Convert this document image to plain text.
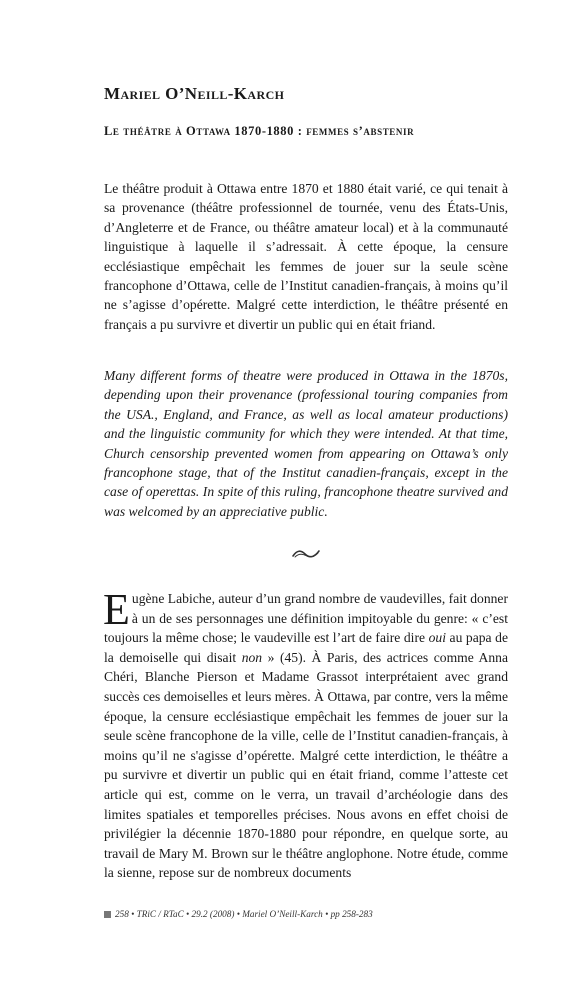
Mariel O’Neill-Karch
Le théâtre à Ottawa 1870-1880 : femmes s’abstenir

Le théâtre produit à Ottawa entre 1870 et 1880 était varié, ce qui tenait à sa provenance (théâtre professionnel de tournée, venu des États-Unis, d’Angleterre et de France, ou théâtre amateur local) et à la communauté linguistique à laquelle il s’adressait. À cette époque, la censure ecclésiastique empêchait les femmes de jouer sur la seule scène francophone d’Ottawa, celle de l’Institut canadien-français, à moins qu’il ne s’agisse d’opérette. Malgré cette interdiction, le théâtre présenté en français a pu survivre et divertir un public qui en était friand.

Many different forms of theatre were produced in Ottawa in the 1870s, depending upon their provenance (professional touring companies from the USA., England, and France, as well as local amateur productions) and the linguistic community for which they were intended. At that time, Church censorship prevented women from appearing on Ottawa’s only francophone stage, that of the Institut canadien-français, except in the case of operettas. In spite of this ruling, francophone theatre survived and was welcomed by an appreciative public.

Eugène Labiche, auteur d’un grand nombre de vaudevilles, fait donner à un de ses personnages une définition impitoyable du genre: « c’est toujours la même chose; le vaudeville est l’art de faire dire oui au papa de la demoiselle qui disait non » (45). À Paris, des actrices comme Anna Chéri, Blanche Pierson et Madame Grassot interprétaient avec grand succès ces demoiselles et leurs mères. À Ottawa, par contre, vers la même époque, la censure ecclésiastique empêchait les femmes de jouer sur la seule scène francophone de la ville, celle de l’Institut canadien-français, à moins qu’il ne s'agisse d’opérette. Malgré cette interdiction, le théâtre a pu survivre et divertir un public qui en était friand, comme l’atteste cet article qui est, comme on le verra, un travail d’archéologie dans des limites spatiales et temporelles précises. Nous avons en effet choisi de privilégier la décennie 1870-1880 pour répondre, en quelque sorte, au travail de Mary M. Brown sur le théâtre anglophone. Notre étude, comme la sienne, repose sur de nombreux documents

258 • TRiC / RTaC • 29.2 (2008) • Mariel O’Neill-Karch • pp 258-283
